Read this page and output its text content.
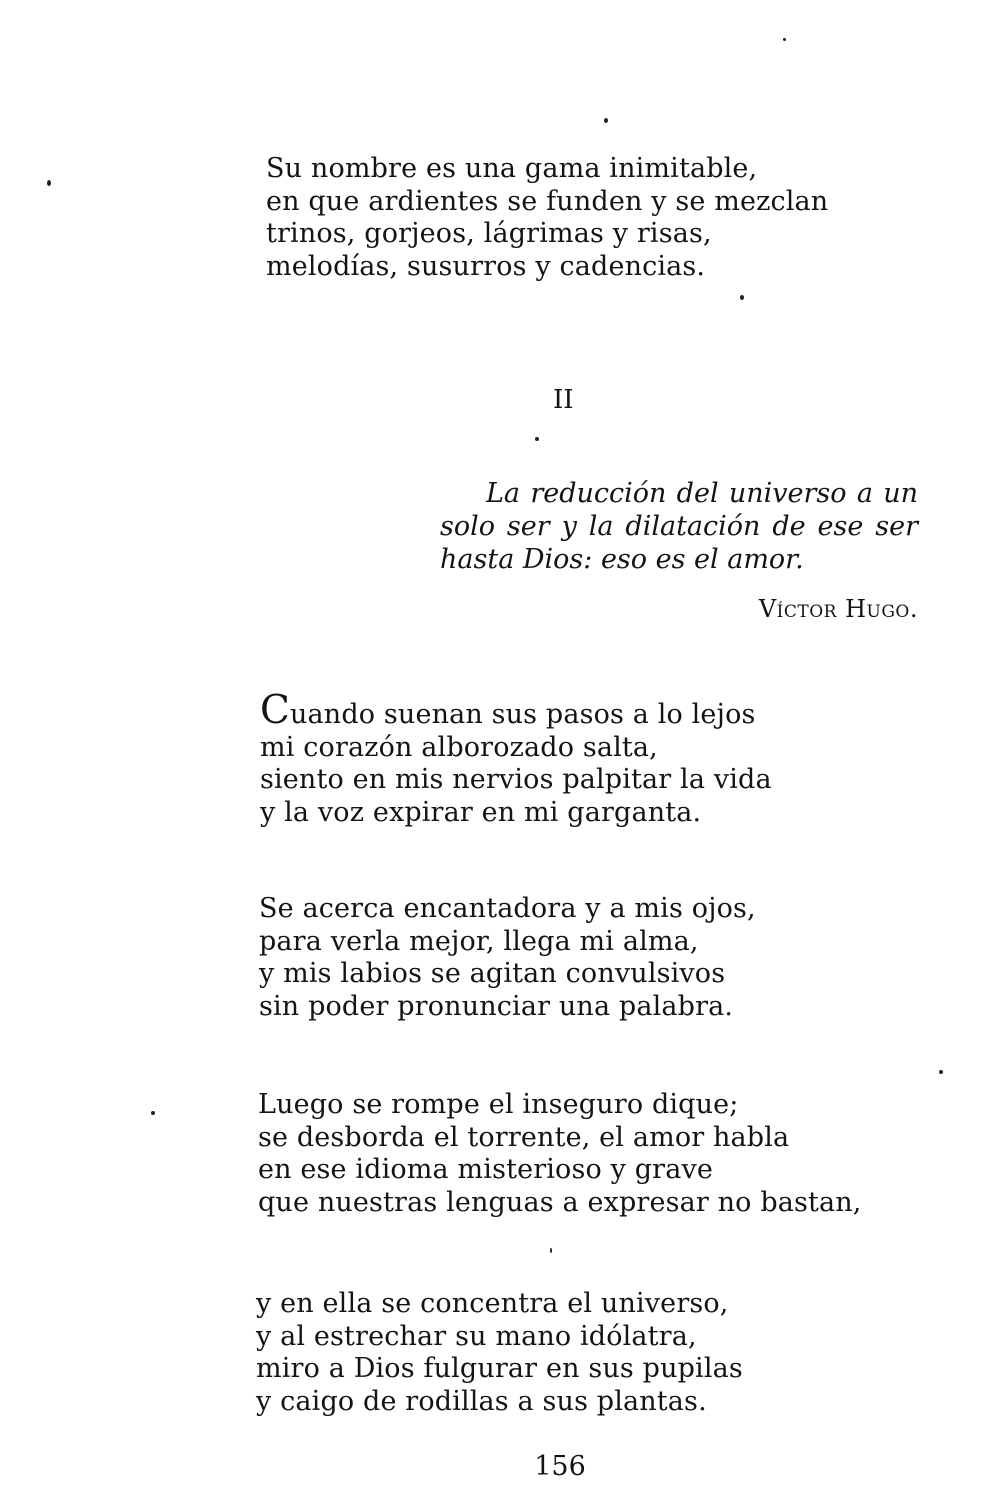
Su nombre es una gama inimitable,
en que ardientes se funden y se mezclan
trinos, gorjeos, lágrimas y risas,
melodías, susurros y cadencias.

II

La reducción del universo a un
solo ser y la dilatación de ese ser
hasta Dios: eso es el amor.

Víctor Hugo.

Cuando suenan sus pasos a lo lejos
mi corazón alborozado salta,
siento en mis nervios palpitar la vida
y la voz expirar en mi garganta.
Se acerca encantadora y a mis ojos,
para verla mejor, llega mi alma,
y mis labios se agitan convulsivos
sin poder pronunciar una palabra.
Luego se rompe el inseguro dique;
se desborda el torrente, el amor habla
en ese idioma misterioso y grave
que nuestras lenguas a expresar no bastan,
y en ella se concentra el universo,
y al estrechar su mano idólatra,
miro a Dios fulgurar en sus pupilas
y caigo de rodillas a sus plantas.

156
